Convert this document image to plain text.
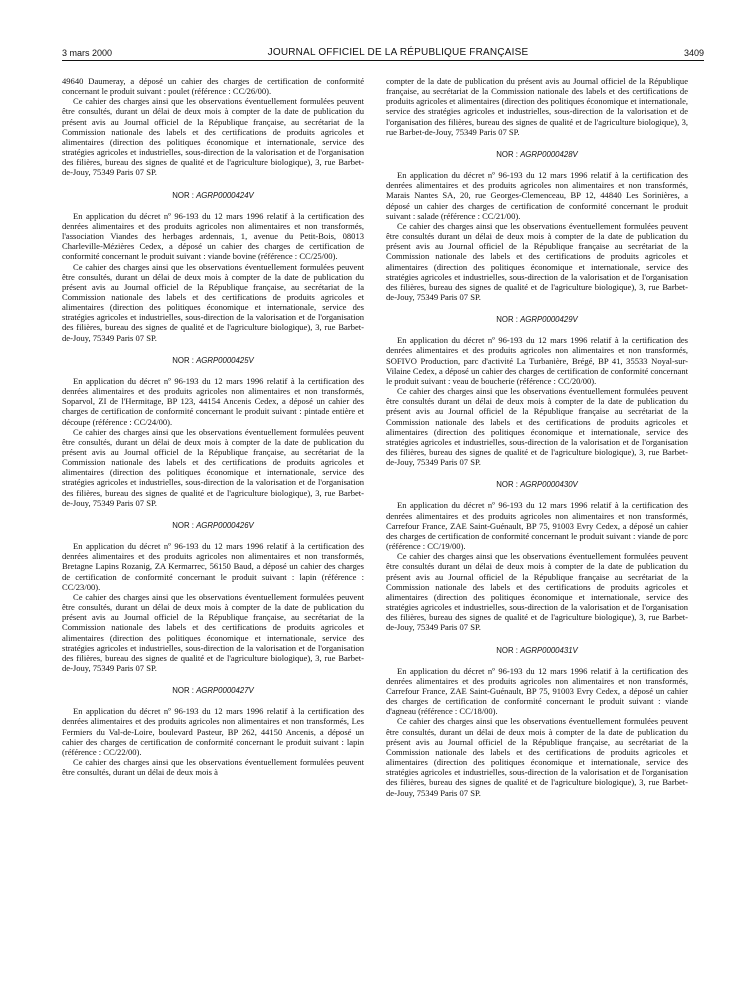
3 mars 2000	JOURNAL OFFICIEL DE LA RÉPUBLIQUE FRANÇAISE	3409

49640 Daumeray, a déposé un cahier des charges de certification de conformité concernant le produit suivant : poulet (référence : CC/26/00).

Ce cahier des charges ainsi que les observations éventuellement formulées peuvent être consultés, durant un délai de deux mois à compter de la date de publication du présent avis au Journal officiel de la République française, au secrétariat de la Commission nationale des labels et des certifications de produits agricoles et alimentaires (direction des politiques économique et internationale, service des stratégies agricoles et industrielles, sous-direction de la valorisation et de l'organisation des filières, bureau des signes de qualité et de l'agriculture biologique), 3, rue Barbet-de-Jouy, 75349 Paris 07 SP.

NOR : AGRP0000424V

En application du décret nº 96-193 du 12 mars 1996 relatif à la certification des denrées alimentaires et des produits agricoles non alimentaires et non transformés, l'association Viandes des herbages ardennais, 1, avenue du Petit-Bois, 08013 Charleville-Mézières Cedex, a déposé un cahier des charges de certification de conformité concernant le produit suivant : viande bovine (référence : CC/25/00).

Ce cahier des charges ainsi que les observations éventuellement formulées peuvent être consultés, durant un délai de deux mois à compter de la date de publication du présent avis au Journal officiel de la République française, au secrétariat de la Commission nationale des labels et des certifications de produits agricoles et alimentaires (direction des politiques économique et internationale, service des stratégies agricoles et industrielles, sous-direction de la valorisation et de l'organisation des filières, bureau des signes de qualité et de l'agriculture biologique), 3, rue Barbet-de-Jouy, 75349 Paris 07 SP.

NOR : AGRP0000425V

En application du décret nº 96-193 du 12 mars 1996 relatif à la certification des denrées alimentaires et des produits agricoles non alimentaires et non transformés, Soparvol, ZI de l'Hermitage, BP 123, 44154 Ancenis Cedex, a déposé un cahier des charges de certification de conformité concernant le produit suivant : pintade entière et découpe (référence : CC/24/00).

Ce cahier des charges ainsi que les observations éventuellement formulées peuvent être consultés, durant un délai de deux mois à compter de la date de publication du présent avis au Journal officiel de la République française, au secrétariat de la Commission nationale des labels et des certifications de produits agricoles et alimentaires (direction des politiques économique et internationale, service des stratégies agricoles et industrielles, sous-direction de la valorisation et de l'organisation des filières, bureau des signes de qualité et de l'agriculture biologique), 3, rue Barbet-de-Jouy, 75349 Paris 07 SP.

NOR : AGRP0000426V

En application du décret nº 96-193 du 12 mars 1996 relatif à la certification des denrées alimentaires et des produits agricoles non alimentaires et non transformés, Bretagne Lapins Rozanig, ZA Kermarrec, 56150 Baud, a déposé un cahier des charges de certification de conformité concernant le produit suivant : lapin (référence : CC/23/00).

Ce cahier des charges ainsi que les observations éventuellement formulées peuvent être consultés, durant un délai de deux mois à compter de la date de publication du présent avis au Journal officiel de la République française, au secrétariat de la Commission nationale des labels et des certifications de produits agricoles et alimentaires (direction des politiques économique et internationale, service des stratégies agricoles et industrielles, sous-direction de la valorisation et de l'organisation des filières, bureau des signes de qualité et de l'agriculture biologique), 3, rue Barbet-de-Jouy, 75349 Paris 07 SP.

NOR : AGRP0000427V

En application du décret nº 96-193 du 12 mars 1996 relatif à la certification des denrées alimentaires et des produits agricoles non alimentaires et non transformés, Les Fermiers du Val-de-Loire, boulevard Pasteur, BP 262, 44150 Ancenis, a déposé un cahier des charges de certification de conformité concernant le produit suivant : lapin (référence : CC/22/00).

Ce cahier des charges ainsi que les observations éventuellement formulées peuvent être consultés, durant un délai de deux mois à

compter de la date de publication du présent avis au Journal officiel de la République française, au secrétariat de la Commission nationale des labels et des certifications de produits agricoles et alimentaires (direction des politiques économique et internationale, service des stratégies agricoles et industrielles, sous-direction de la valorisation et de l'organisation des filières, bureau des signes de qualité et de l'agriculture biologique), 3, rue Barbet-de-Jouy, 75349 Paris 07 SP.

NOR : AGRP0000428V

En application du décret nº 96-193 du 12 mars 1996 relatif à la certification des denrées alimentaires et des produits agricoles non alimentaires et non transformés, Marais Nantes SA, 20, rue Georges-Clemenceau, BP 12, 44840 Les Sorinières, a déposé un cahier des charges de certification de conformité concernant le produit suivant : salade (référence : CC/21/00).

Ce cahier des charges ainsi que les observations éventuellement formulées peuvent être consultés durant un délai de deux mois à compter de la date de publication du présent avis au Journal officiel de la République française au secrétariat de la Commission nationale des labels et des certifications de produits agricoles et alimentaires (direction des politiques économique et internationale, service des stratégies agricoles et industrielles, sous-direction de la valorisation et de l'organisation des filières, bureau des signes de qualité et de l'agriculture biologique), 3, rue Barbet-de-Jouy, 75349 Paris 07 SP.

NOR : AGRP0000429V

En application du décret nº 96-193 du 12 mars 1996 relatif à la certification des denrées alimentaires et des produits agricoles non alimentaires et non transformés, SOFIVO Production, parc d'activité La Turbanière, Brégé, BP 41, 35533 Noyal-sur-Vilaine Cedex, a déposé un cahier des charges de certification de conformité concernant le produit suivant : veau de boucherie (référence : CC/20/00).

Ce cahier des charges ainsi que les observations éventuellement formulées peuvent être consultés durant un délai de deux mois à compter de la date de publication du présent avis au Journal officiel de la République française au secrétariat de la Commission nationale des labels et des certifications de produits agricoles et alimentaires (direction des politiques économique et internationale, service des stratégies agricoles et industrielles, sous-direction de la valorisation et de l'organisation des filières, bureau des signes de qualité et de l'agriculture biologique), 3, rue Barbet-de-Jouy, 75349 Paris 07 SP.

NOR : AGRP0000430V

En application du décret nº 96-193 du 12 mars 1996 relatif à la certification des denrées alimentaires et des produits agricoles non alimentaires et non transformés, Carrefour France, ZAE Saint-Guénault, BP 75, 91003 Evry Cedex, a déposé un cahier des charges de certification de conformité concernant le produit suivant : viande de porc (référence : CC/19/00).

Ce cahier des charges ainsi que les observations éventuellement formulées peuvent être consultés durant un délai de deux mois à compter de la date de publication du présent avis au Journal officiel de la République française au secrétariat de la Commission nationale des labels et des certifications de produits agricoles et alimentaires (direction des politiques économique et internationale, service des stratégies agricoles et industrielles, sous-direction de la valorisation et de l'organisation des filières, bureau des signes de qualité et de l'agriculture biologique), 3, rue Barbet-de-Jouy, 75349 Paris 07 SP.

NOR : AGRP0000431V

En application du décret nº 96-193 du 12 mars 1996 relatif à la certification des denrées alimentaires et des produits agricoles non alimentaires et non transformés, Carrefour France, ZAE Saint-Guénault, BP 75, 91003 Evry Cedex, a déposé un cahier des charges de certification de conformité concernant le produit suivant : viande d'agneau (référence : CC/18/00).

Ce cahier des charges ainsi que les observations éventuellement formulées peuvent être consultés, durant un délai de deux mois à compter de la date de publication du présent avis au Journal officiel de la République française, au secrétariat de la Commission nationale des labels et des certifications de produits agricoles et alimentaires (direction des politiques économique et internationale, service des stratégies agricoles et industrielles, sous-direction de la valorisation et de l'organisation des filières, bureau des signes de qualité et de l'agriculture biologique), 3, rue Barbet-de-Jouy, 75349 Paris 07 SP.
